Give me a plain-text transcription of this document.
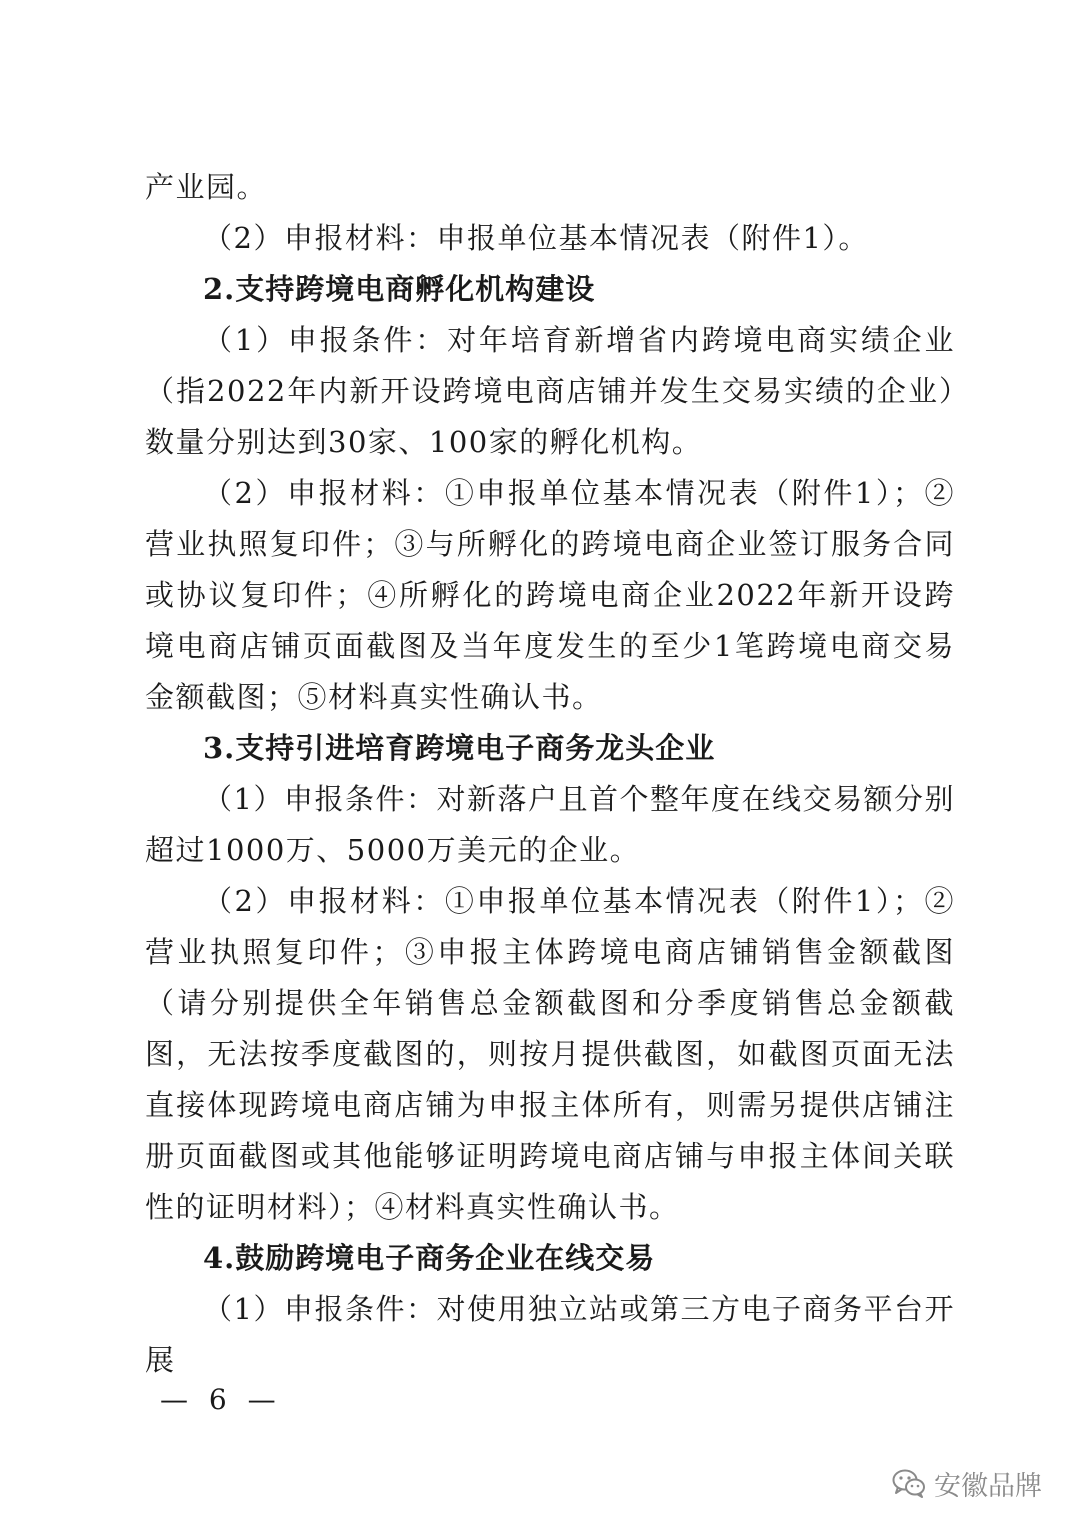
产业园。

（2）申报材料：申报单位基本情况表（附件1）。

2.支持跨境电商孵化机构建设

（1）申报条件：对年培育新增省内跨境电商实绩企业（指2022年内新开设跨境电商店铺并发生交易实绩的企业）数量分别达到30家、100家的孵化机构。

（2）申报材料：①申报单位基本情况表（附件1）；②营业执照复印件；③与所孵化的跨境电商企业签订服务合同或协议复印件；④所孵化的跨境电商企业2022年新开设跨境电商店铺页面截图及当年度发生的至少1笔跨境电商交易金额截图；⑤材料真实性确认书。

3.支持引进培育跨境电子商务龙头企业

（1）申报条件：对新落户且首个整年度在线交易额分别超过1000万、5000万美元的企业。

（2）申报材料：①申报单位基本情况表（附件1）；②营业执照复印件；③申报主体跨境电商店铺销售金额截图（请分别提供全年销售总金额截图和分季度销售总金额截图，无法按季度截图的，则按月提供截图，如截图页面无法直接体现跨境电商店铺为申报主体所有，则需另提供店铺注册页面截图或其他能够证明跨境电商店铺与申报主体间关联性的证明材料）；④材料真实性确认书。

4.鼓励跨境电子商务企业在线交易

（1）申报条件：对使用独立站或第三方电子商务平台开展

— 6 —
安徽品牌
